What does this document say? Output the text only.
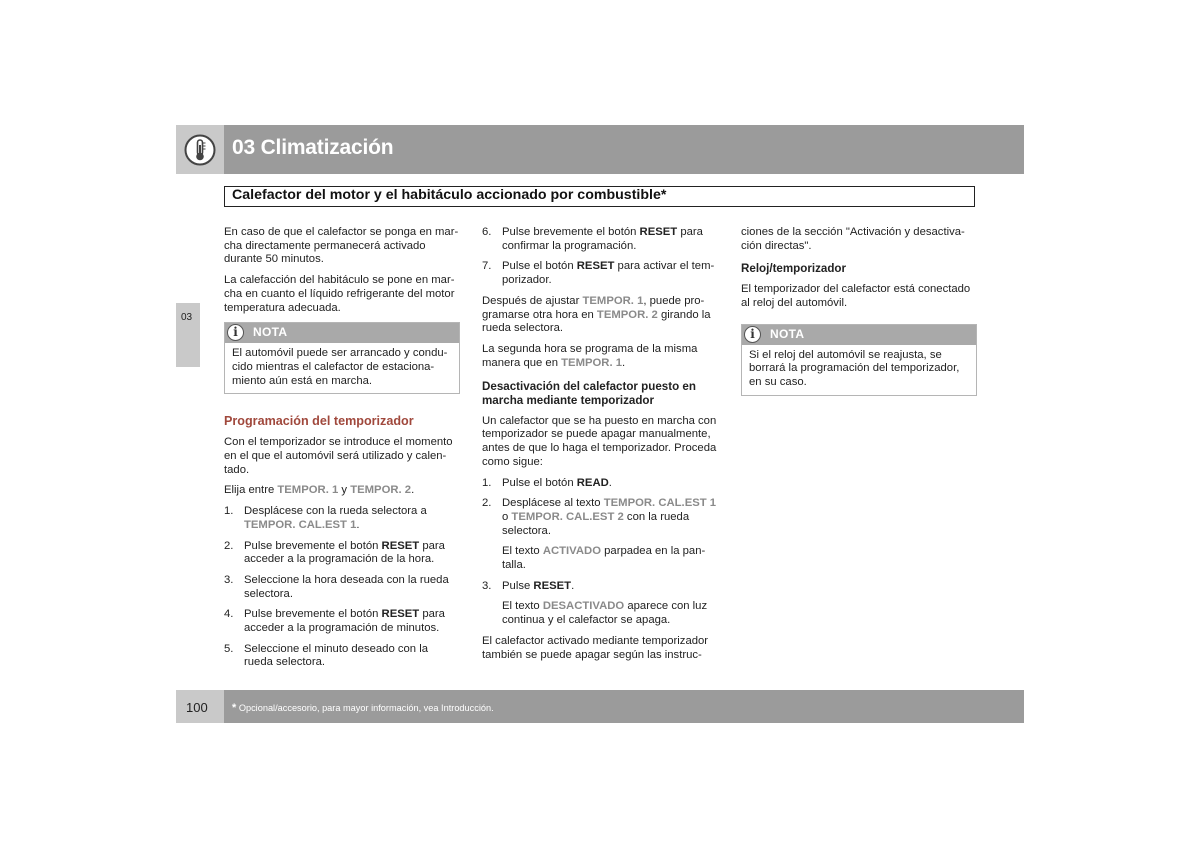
03 Climatización
Calefactor del motor y el habitáculo accionado por combustible*
03

En caso de que el calefactor se ponga en mar-cha directamente permanecerá activado durante 50 minutos.

La calefacción del habitáculo se pone en mar-cha en cuanto el líquido refrigerante del motor temperatura adecuada.

i	NOTA
El automóvil puede ser arrancado y condu-cido mientras el calefactor de estaciona-miento aún está en marcha.

Programación del temporizador

Con el temporizador se introduce el momento en el que el automóvil será utilizado y calen-tado.

Elija entre TEMPOR. 1 y TEMPOR. 2.

1. Desplácese con la rueda selectora a TEMPOR. CAL.EST 1.
2. Pulse brevemente el botón RESET para acceder a la programación de la hora.
3. Seleccione la hora deseada con la rueda selectora.
4. Pulse brevemente el botón RESET para acceder a la programación de minutos.
5. Seleccione el minuto deseado con la rueda selectora.
6. Pulse brevemente el botón RESET para confirmar la programación.
7. Pulse el botón RESET para activar el tem-porizador.

Después de ajustar TEMPOR. 1, puede pro-gramarse otra hora en TEMPOR. 2 girando la rueda selectora.

La segunda hora se programa de la misma manera que en TEMPOR. 1.

Desactivación del calefactor puesto en marcha mediante temporizador

Un calefactor que se ha puesto en marcha con temporizador se puede apagar manualmente, antes de que lo haga el temporizador. Proceda como sigue:

1. Pulse el botón READ.
2. Desplácese al texto TEMPOR. CAL.EST 1 o TEMPOR. CAL.EST 2 con la rueda selectora.

El texto ACTIVADO parpadea en la pan-talla.

3. Pulse RESET.

El texto DESACTIVADO aparece con luz continua y el calefactor se apaga.

El calefactor activado mediante temporizador también se puede apagar según las instruc-

ciones de la sección "Activación y desactiva-ción directas".

Reloj/temporizador

El temporizador del calefactor está conectado al reloj del automóvil.

i	NOTA
Si el reloj del automóvil se reajusta, se borrará la programación del temporizador, en su caso.
100 * Opcional/accesorio, para mayor información, vea Introducción.
